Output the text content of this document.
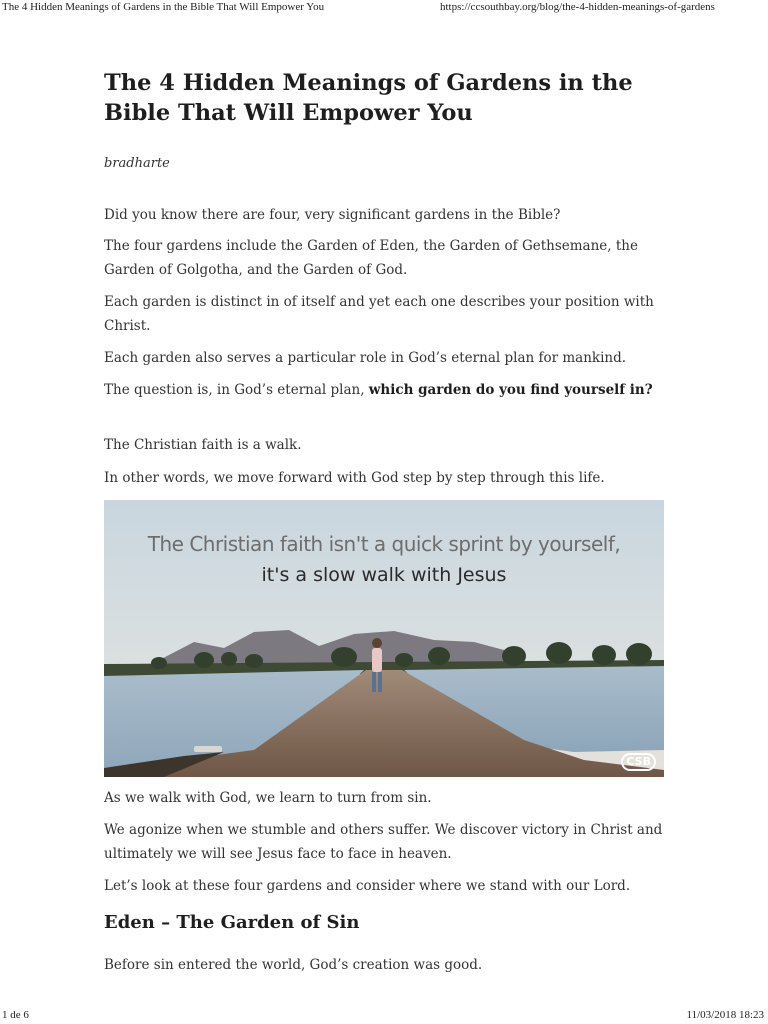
The 4 Hidden Meanings of Gardens in the Bible That Will Empower You	https://ccsouthbay.org/blog/the-4-hidden-meanings-of-gardens
The 4 Hidden Meanings of Gardens in the Bible That Will Empower You

bradharte

Did you know there are four, very significant gardens in the Bible?

The four gardens include the Garden of Eden, the Garden of Gethsemane, the Garden of Golgotha, and the Garden of God.

Each garden is distinct in of itself and yet each one describes your position with Christ.

Each garden also serves a particular role in God’s eternal plan for mankind.

The question is, in God’s eternal plan, which garden do you find yourself in?

The Christian faith is a walk.

In other words, we move forward with God step by step through this life.

As we walk with God, we learn to turn from sin.

We agonize when we stumble and others suffer. We discover victory in Christ and ultimately we will see Jesus face to face in heaven.

Let’s look at these four gardens and consider where we stand with our Lord.

Eden – The Garden of Sin

Before sin entered the world, God’s creation was good.

The Christian faith isn't a quick sprint by yourself,
it's a slow walk with Jesus
CSB
1 de 6	11/03/2018 18:23
